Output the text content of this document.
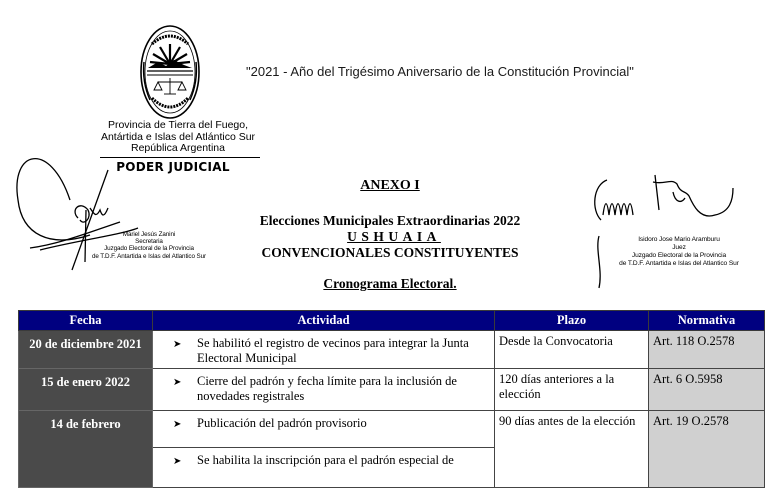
Provincia de Tierra del Fuego,
Antártida e Islas del Atlántico Sur
República Argentina
PODER JUDICIAL
"2021 - Año del Trigésimo Aniversario de la Constitución Provincial"
Mariel Jesús Zanini
Secretaria
Juzgado Electoral de la Provincia
de T.D.F. Antartida e Islas del Atlantico Sur
Isidoro Jose Mario Aramburu
Juez
Juzgado Electoral de la Provincia
de T.D.F. Antartida e Islas del Atlantico Sur
ANEXO I
Elecciones Municipales Extraordinarias 2022
USHUAIA
CONVENCIONALES CONSTITUYENTES
Cronograma Electoral.
Fecha	Actividad	Plazo	Normativa
20 de diciembre 2021	➤ Se habilitó el registro de vecinos para integrar la Junta Electoral Municipal	Desde la Convocatoria	Art. 118 O.2578
15 de enero 2022	➤ Cierre del padrón y fecha límite para la inclusión de novedades registrales	120 días anteriores a la elección	Art. 6 O.5958
14 de febrero	➤ Publicación del padrón provisorio	90 días antes de la elección	Art. 19 O.2578

	➤ Se habilita la inscripción para el padrón especial de		
